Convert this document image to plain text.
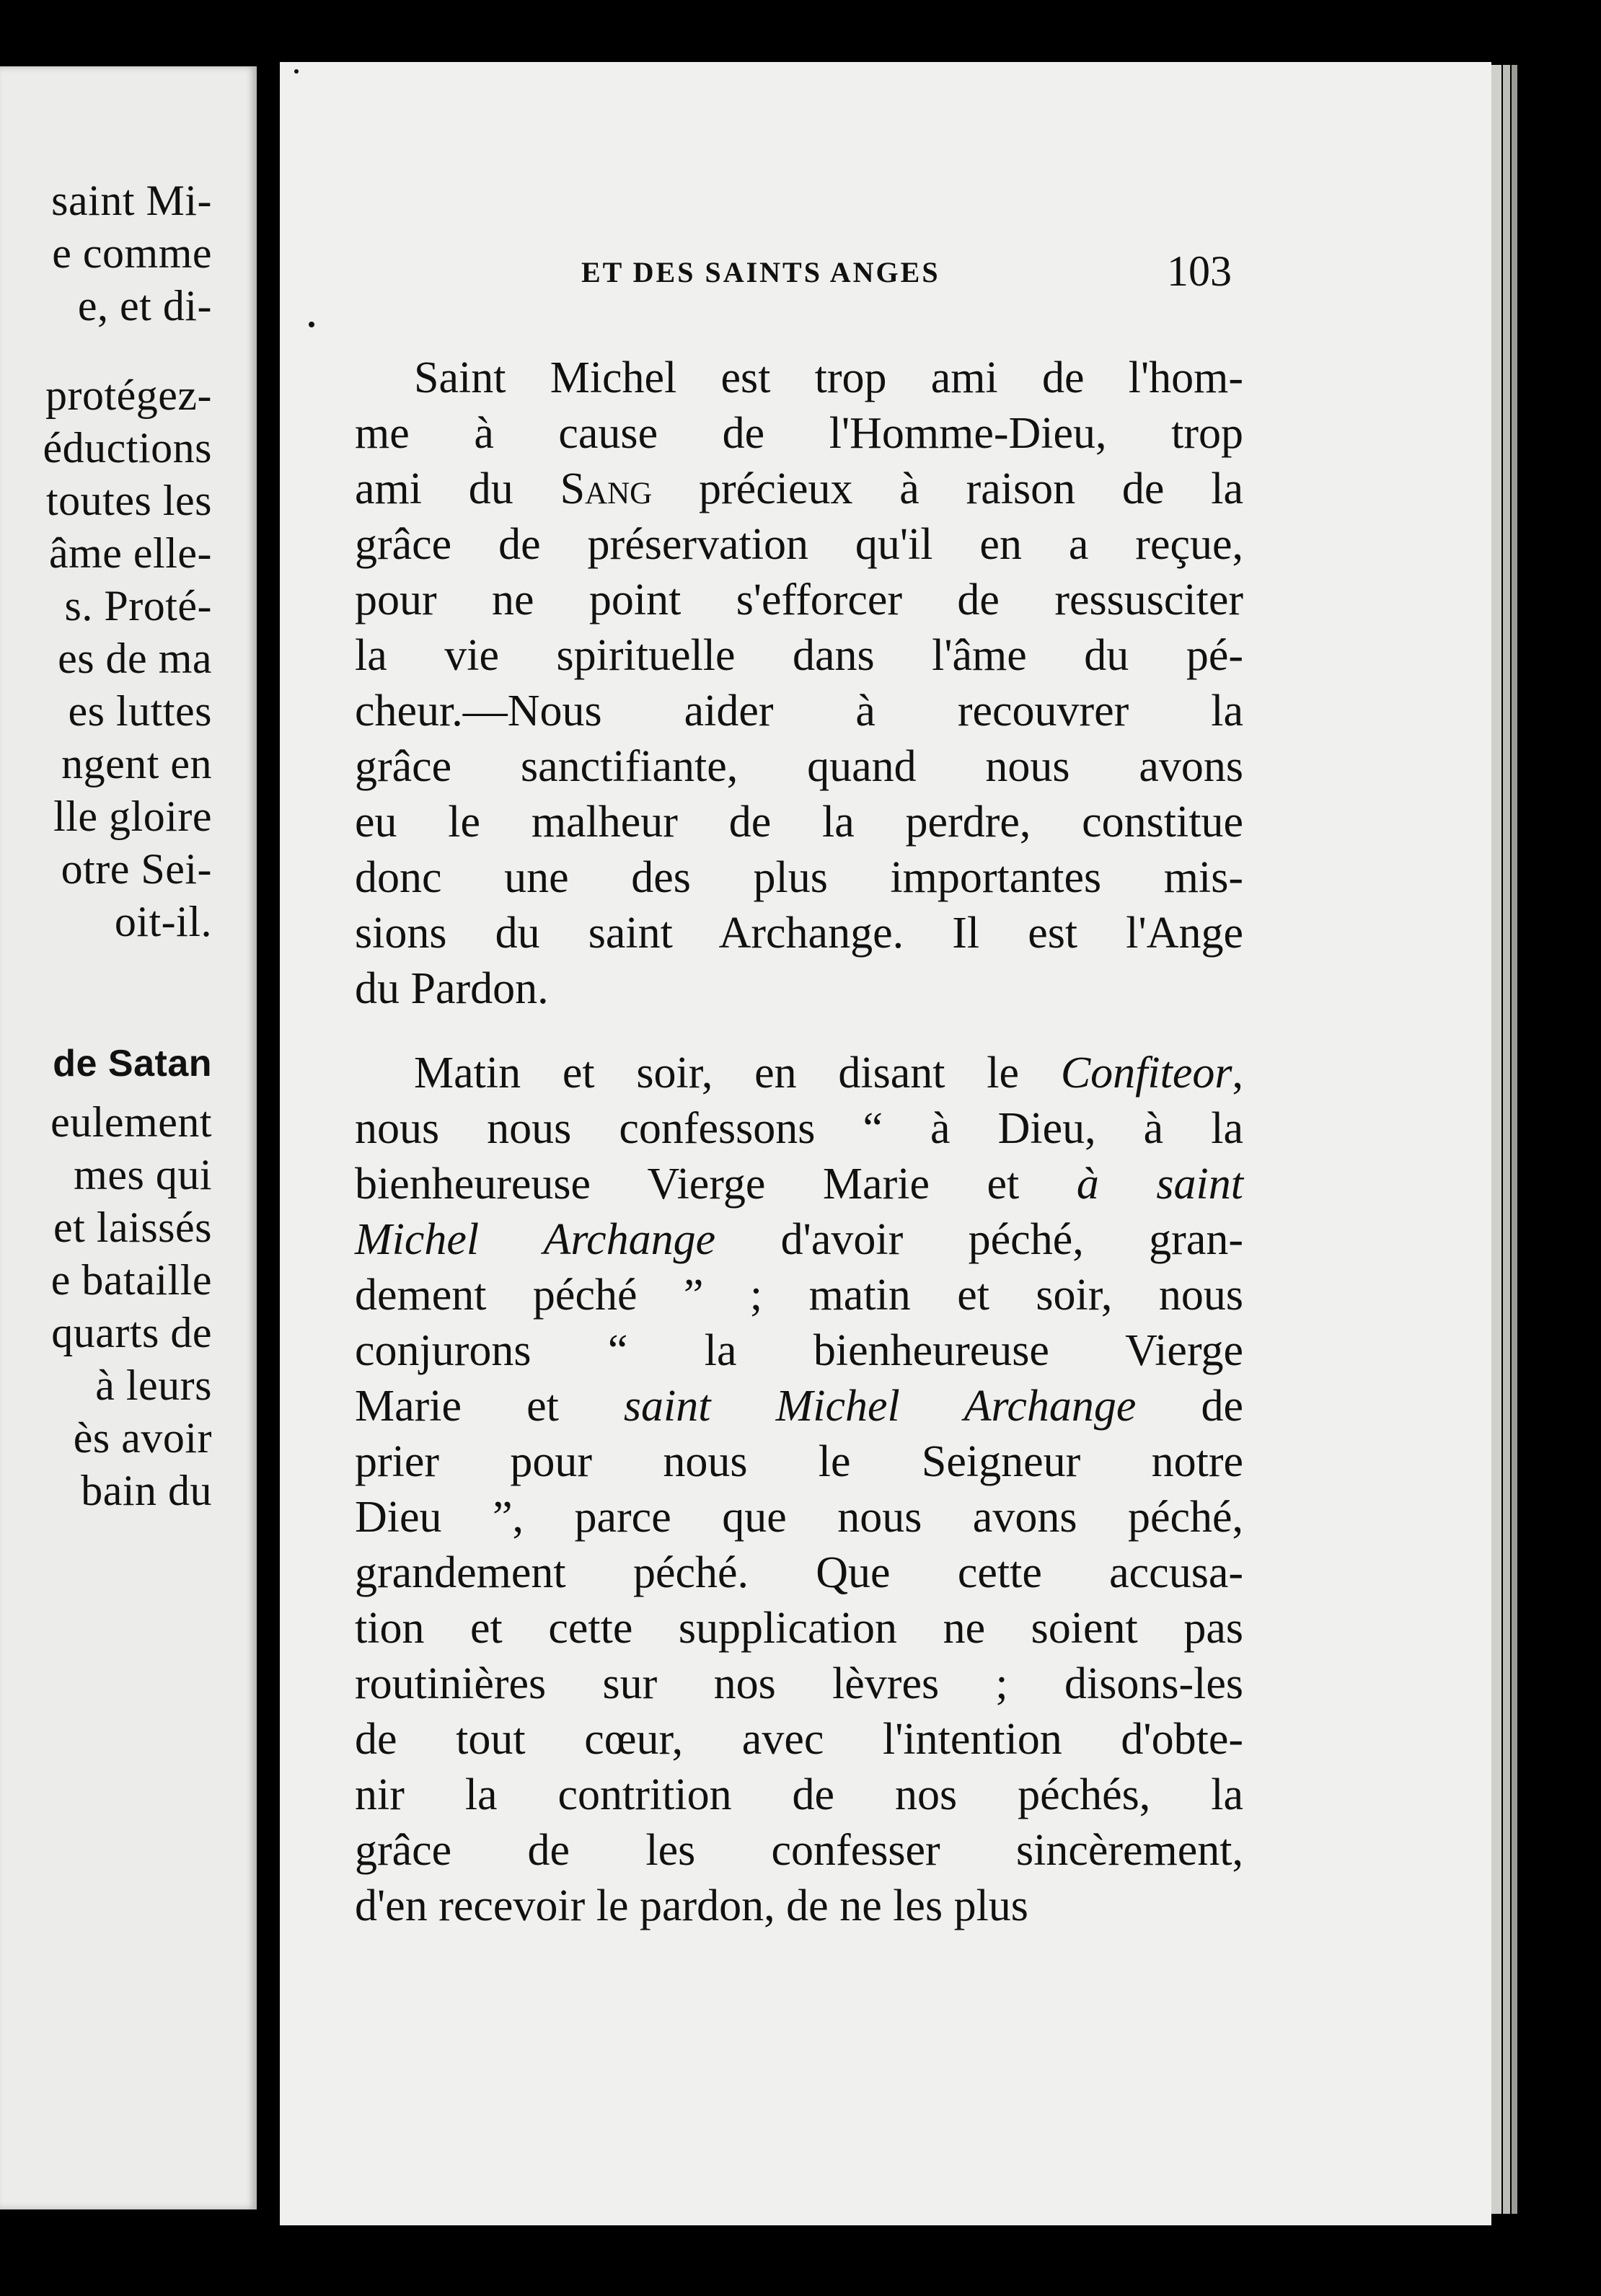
saint Mi-
e comme
e, et di-
protégez-
éductions
toutes les
âme elle-
s. Proté-
es de ma
es luttes
ngent en
lle gloire
otre Sei-
oit-il.
de Satan
eulement
mes qui
et laissés
e bataille
quarts de
à leurs
ès avoir
bain du
ET DES SAINTS ANGES	103
Saint Michel est trop ami de l'hom-
me à cause de l'Homme-Dieu, trop
ami du Sang précieux à raison de la
grâce de préservation qu'il en a reçue,
pour ne point s'efforcer de ressusciter
la vie spirituelle dans l'âme du pé-
cheur.—Nous aider à recouvrer la
grâce sanctifiante, quand nous avons
eu le malheur de la perdre, constitue
donc une des plus importantes mis-
sions du saint Archange. Il est l'Ange
du Pardon.
Matin et soir, en disant le Confiteor,
nous nous confessons “ à Dieu, à la
bienheureuse Vierge Marie et à saint
Michel Archange d'avoir péché, gran-
dement péché ” ; matin et soir, nous
conjurons “ la bienheureuse Vierge
Marie et saint Michel Archange de
prier pour nous le Seigneur notre
Dieu ”, parce que nous avons péché,
grandement péché. Que cette accusa-
tion et cette supplication ne soient pas
routinières sur nos lèvres ; disons-les
de tout cœur, avec l'intention d'obte-
nir la contrition de nos péchés, la
grâce de les confesser sincèrement,
d'en recevoir le pardon, de ne les plus
